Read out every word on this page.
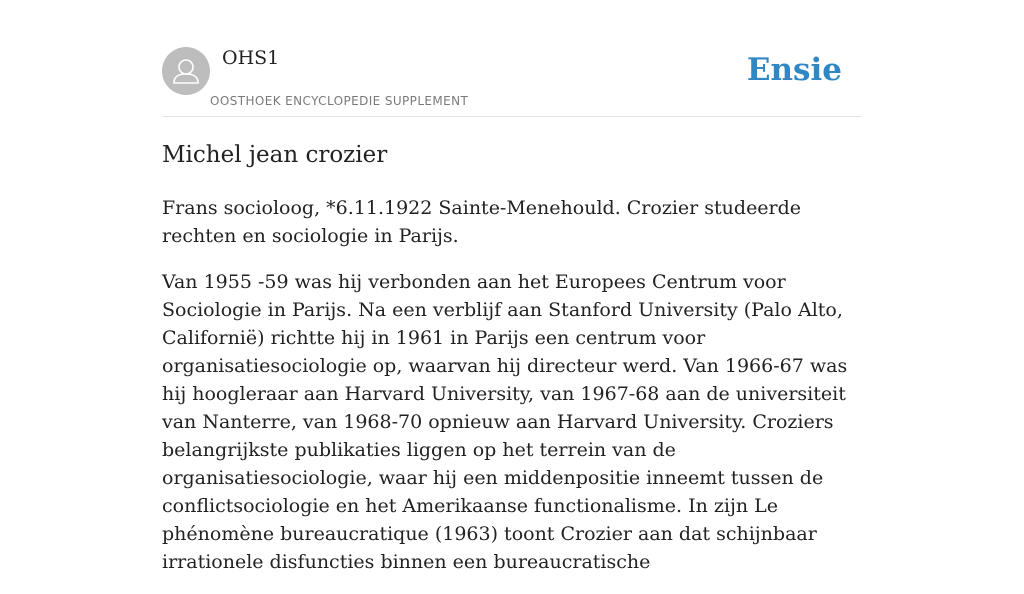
OHS1
OOSTHOEK ENCYCLOPEDIE SUPPLEMENT
Ensie
Michel jean crozier

Frans socioloog, *6.11.1922 Sainte-Menehould. Crozier studeerde rechten en sociologie in Parijs.

Van 1955 -59 was hij verbonden aan het Europees Centrum voor Sociologie in Parijs. Na een verblijf aan Stanford University (Palo Alto, Californië) richtte hij in 1961 in Parijs een centrum voor organisatiesociologie op, waarvan hij directeur werd. Van 1966-67 was hij hoogleraar aan Harvard University, van 1967-68 aan de universiteit van Nanterre, van 1968-70 opnieuw aan Harvard University. Croziers belangrijkste publikaties liggen op het terrein van de organisatiesociologie, waar hij een middenpositie inneemt tussen de conflictsociologie en het Amerikaanse functionalisme. In zijn Le phénomène bureaucratique (1963) toont Crozier aan dat schijnbaar irrationele disfuncties binnen een bureaucratische
